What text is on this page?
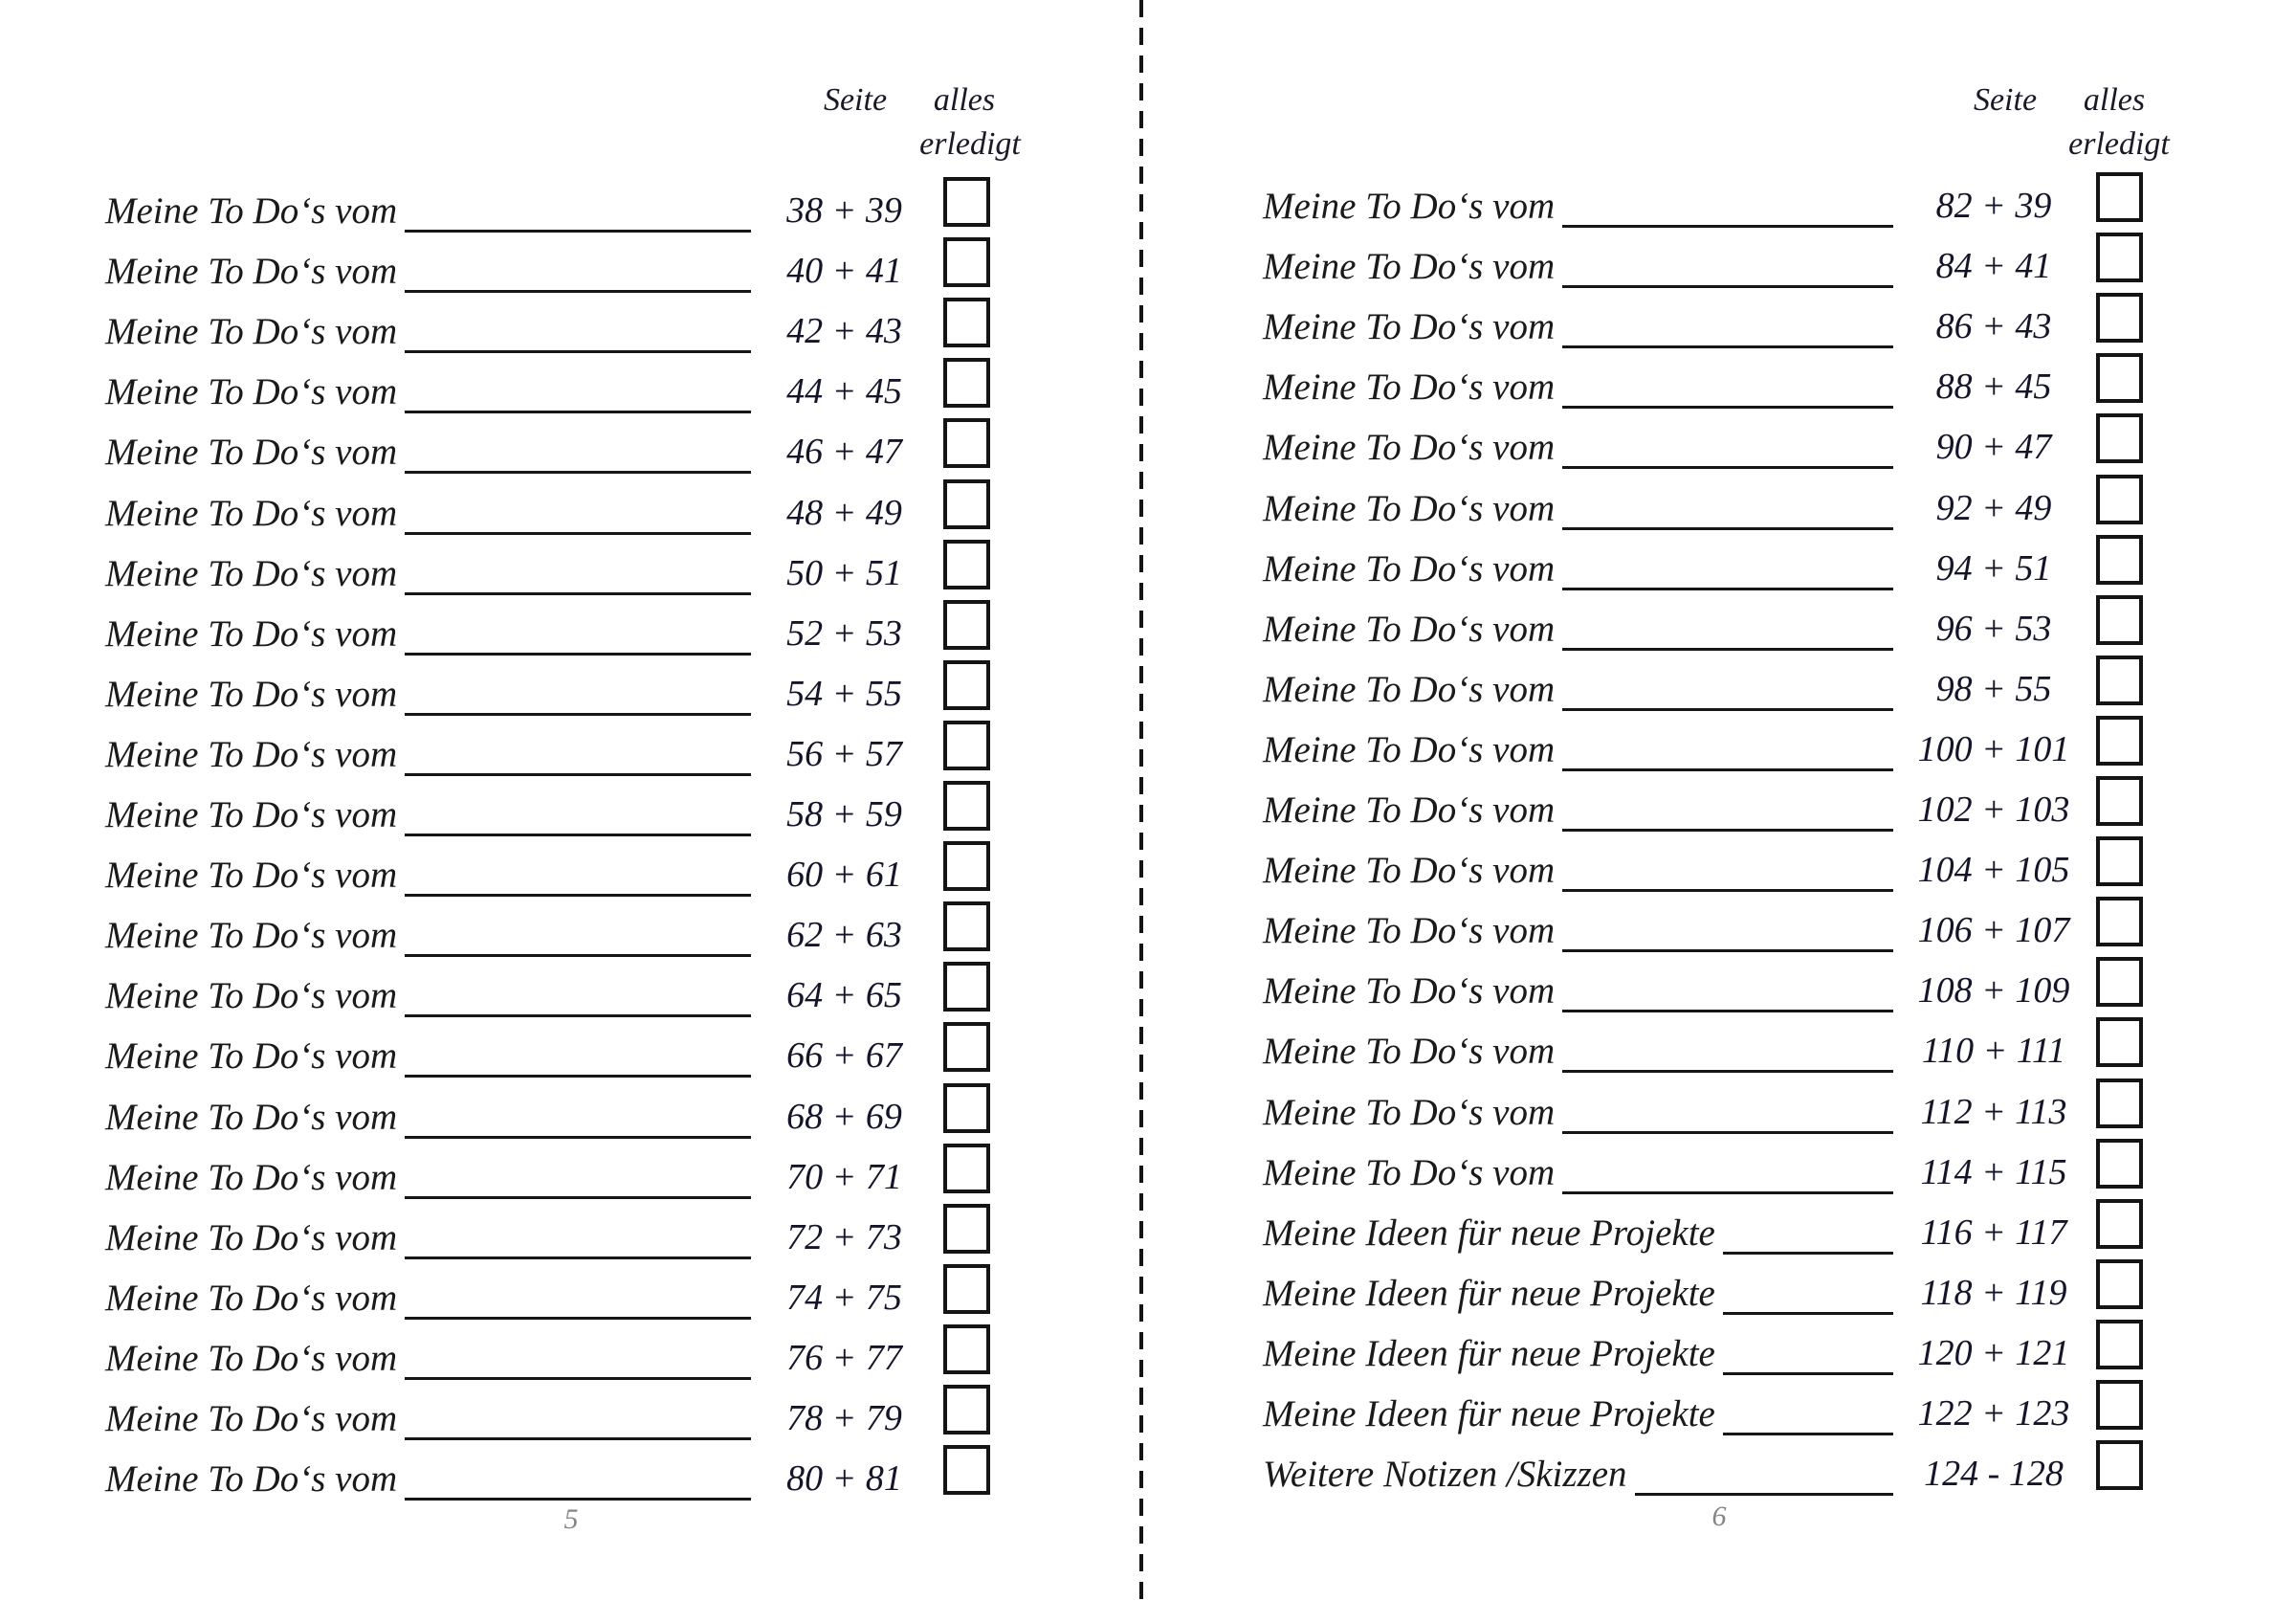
Seite alles
erledigt
Meine To Do‘s vom	38 + 39
Meine To Do‘s vom	40 + 41
Meine To Do‘s vom	42 + 43
Meine To Do‘s vom	44 + 45
Meine To Do‘s vom	46 + 47
Meine To Do‘s vom	48 + 49
Meine To Do‘s vom	50 + 51
Meine To Do‘s vom	52 + 53
Meine To Do‘s vom	54 + 55
Meine To Do‘s vom	56 + 57
Meine To Do‘s vom	58 + 59
Meine To Do‘s vom	60 + 61
Meine To Do‘s vom	62 + 63
Meine To Do‘s vom	64 + 65
Meine To Do‘s vom	66 + 67
Meine To Do‘s vom	68 + 69
Meine To Do‘s vom	70 + 71
Meine To Do‘s vom	72 + 73
Meine To Do‘s vom	74 + 75
Meine To Do‘s vom	76 + 77
Meine To Do‘s vom	78 + 79
Meine To Do‘s vom	80 + 81
5
Seite alles
erledigt
Meine To Do‘s vom	82 + 39
Meine To Do‘s vom	84 + 41
Meine To Do‘s vom	86 + 43
Meine To Do‘s vom	88 + 45
Meine To Do‘s vom	90 + 47
Meine To Do‘s vom	92 + 49
Meine To Do‘s vom	94 + 51
Meine To Do‘s vom	96 + 53
Meine To Do‘s vom	98 + 55
Meine To Do‘s vom	100 + 101
Meine To Do‘s vom	102 + 103
Meine To Do‘s vom	104 + 105
Meine To Do‘s vom	106 + 107
Meine To Do‘s vom	108 + 109
Meine To Do‘s vom	110 + 111
Meine To Do‘s vom	112 + 113
Meine To Do‘s vom	114 + 115
Meine Ideen für neue Projekte	116 + 117
Meine Ideen für neue Projekte	118 + 119
Meine Ideen für neue Projekte	120 + 121
Meine Ideen für neue Projekte	122 + 123
Weitere Notizen /Skizzen	124 - 128
6
